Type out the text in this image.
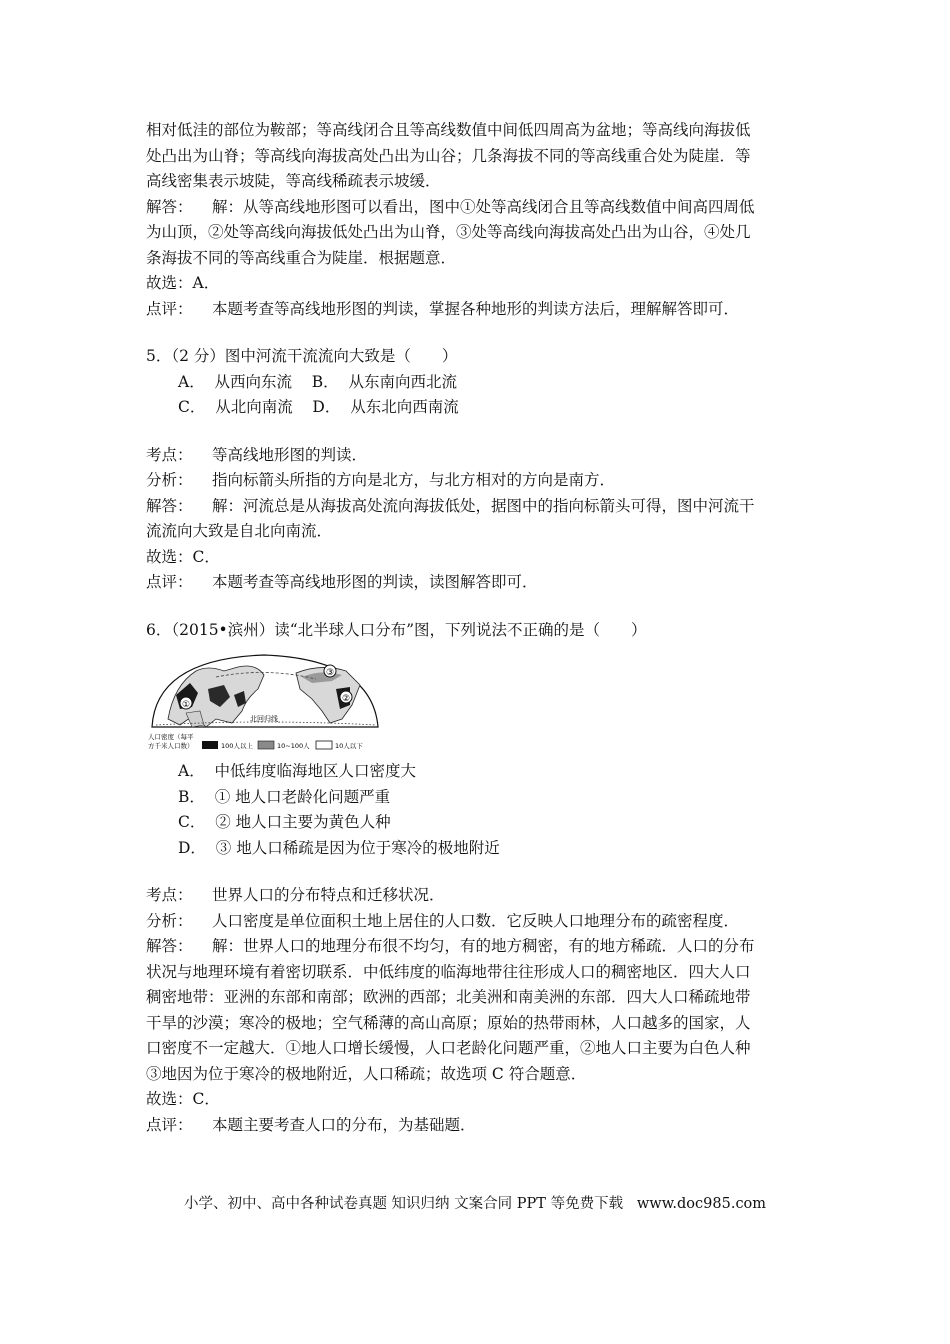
相对低洼的部位为鞍部；等高线闭合且等高线数值中间低四周高为盆地；等高线向海拔低

处凸出为山脊；等高线向海拔高处凸出为山谷；几条海拔不同的等高线重合处为陡崖．等

高线密集表示坡陡，等高线稀疏表示坡缓．

解答： 解：从等高线地形图可以看出，图中①处等高线闭合且等高线数值中间高四周低

为山顶，②处等高线向海拔低处凸出为山脊，③处等高线向海拔高处凸出为山谷，④处几

条海拔不同的等高线重合为陡崖．根据题意．

故选：A．

点评： 本题考查等高线地形图的判读，掌握各种地形的判读方法后，理解解答即可．

5．（2 分）图中河流干流流向大致是（　　）

A．  从西向东流    B．  从东南向西北流

C．  从北向南流    D．  从东北向西南流

考点： 等高线地形图的判读．

分析： 指向标箭头所指的方向是北方，与北方相对的方向是南方．

解答： 解：河流总是从海拔高处流向海拔低处，据图中的指向标箭头可得，图中河流干

流流向大致是自北向南流．

故选：C．

点评： 本题考查等高线地形图的判读，读图解答即可．

6．（2015•滨州）读“北半球人口分布”图，下列说法不正确的是（　　）

①
②
③
北回归线
人口密度（每平
方千米人口数）	100人以上	10~100人	10人以下

A．  中低纬度临海地区人口密度大

B．  ① 地人口老龄化问题严重

C．  ② 地人口主要为黄色人种

D．  ③ 地人口稀疏是因为位于寒冷的极地附近

考点： 世界人口的分布特点和迁移状况．

分析： 人口密度是单位面积土地上居住的人口数．它反映人口地理分布的疏密程度．

解答： 解：世界人口的地理分布很不均匀，有的地方稠密，有的地方稀疏．人口的分布

状况与地理环境有着密切联系．中低纬度的临海地带往往形成人口的稠密地区．四大人口

稠密地带：亚洲的东部和南部；欧洲的西部；北美洲和南美洲的东部．四大人口稀疏地带

干旱的沙漠；寒冷的极地；空气稀薄的高山高原；原始的热带雨林，人口越多的国家，人

口密度不一定越大．①地人口增长缓慢，人口老龄化问题严重，②地人口主要为白色人种

③地因为位于寒冷的极地附近，人口稀疏；故选项 C 符合题意．

故选：C．

点评： 本题主要考查人口的分布，为基础题．

小学、初中、高中各种试卷真题 知识归纳 文案合同 PPT 等免费下载   www.doc985.com
